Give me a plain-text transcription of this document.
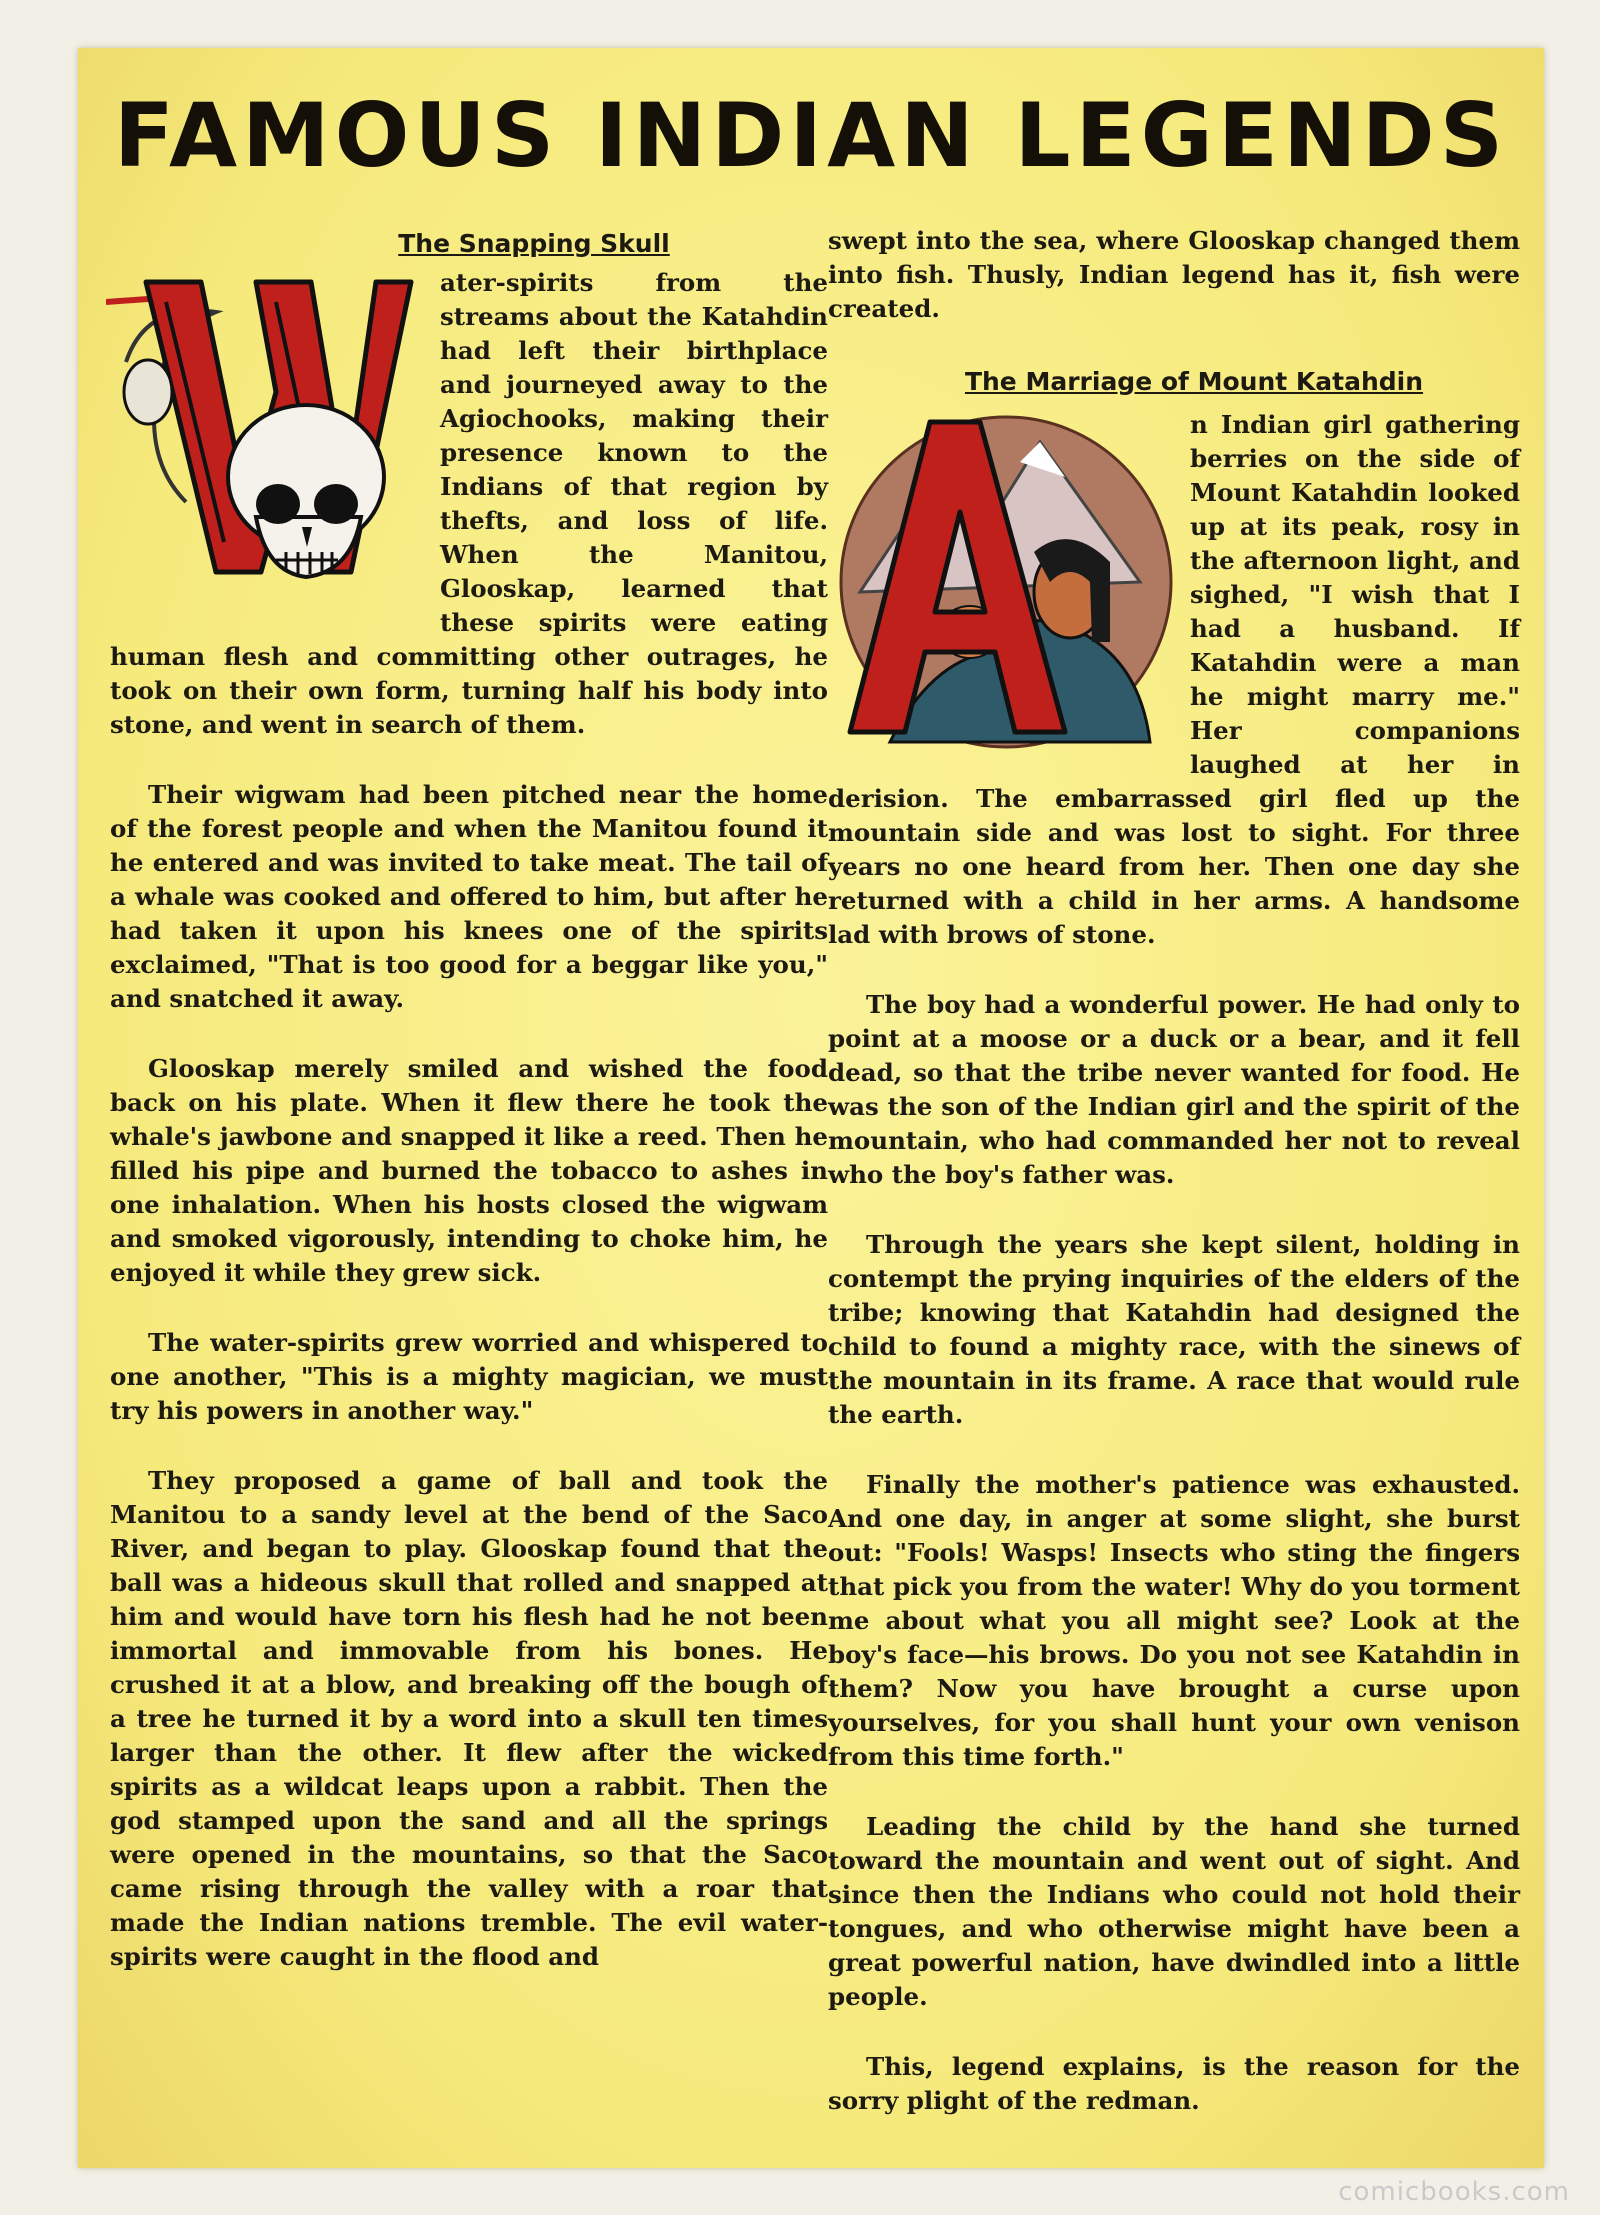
FAMOUS INDIAN LEGENDS
The Snapping Skull

ater-spirits from the streams about the Katahdin had left their birthplace and journeyed away to the Agiochooks, making their presence known to the Indians of that region by thefts, and loss of life. When the Manitou, Glooskap, learned that these spirits were eating human flesh and committing other outrages, he took on their own form, turning half his body into stone, and went in search of them.

Their wigwam had been pitched near the home of the forest people and when the Manitou found it he entered and was invited to take meat. The tail of a whale was cooked and offered to him, but after he had taken it upon his knees one of the spirits exclaimed, "That is too good for a beggar like you," and snatched it away.

Glooskap merely smiled and wished the food back on his plate. When it flew there he took the whale's jawbone and snapped it like a reed. Then he filled his pipe and burned the tobacco to ashes in one inhalation. When his hosts closed the wigwam and smoked vigorously, intending to choke him, he enjoyed it while they grew sick.

The water-spirits grew worried and whispered to one another, "This is a mighty magician, we must try his powers in another way."

They proposed a game of ball and took the Manitou to a sandy level at the bend of the Saco River, and began to play. Glooskap found that the ball was a hideous skull that rolled and snapped at him and would have torn his flesh had he not been immortal and immovable from his bones. He crushed it at a blow, and breaking off the bough of a tree he turned it by a word into a skull ten times larger than the other. It flew after the wicked spirits as a wildcat leaps upon a rabbit. Then the god stamped upon the sand and all the springs were opened in the mountains, so that the Saco came rising through the valley with a roar that made the Indian nations tremble. The evil water-spirits were caught in the flood and

swept into the sea, where Glooskap changed them into fish. Thusly, Indian legend has it, fish were created.

The Marriage of Mount Katahdin

n Indian girl gathering berries on the side of Mount Katahdin looked up at its peak, rosy in the afternoon light, and sighed, "I wish that I had a husband. If Katahdin were a man he might marry me." Her companions laughed at her in derision. The embarrassed girl fled up the mountain side and was lost to sight. For three years no one heard from her. Then one day she returned with a child in her arms. A handsome lad with brows of stone.

The boy had a wonderful power. He had only to point at a moose or a duck or a bear, and it fell dead, so that the tribe never wanted for food. He was the son of the Indian girl and the spirit of the mountain, who had commanded her not to reveal who the boy's father was.

Through the years she kept silent, holding in contempt the prying inquiries of the elders of the tribe; knowing that Katahdin had designed the child to found a mighty race, with the sinews of the mountain in its frame. A race that would rule the earth.

Finally the mother's patience was exhausted. And one day, in anger at some slight, she burst out: "Fools! Wasps! Insects who sting the fingers that pick you from the water! Why do you torment me about what you all might see? Look at the boy's face—his brows. Do you not see Katahdin in them? Now you have brought a curse upon yourselves, for you shall hunt your own venison from this time forth."

Leading the child by the hand she turned toward the mountain and went out of sight. And since then the Indians who could not hold their tongues, and who otherwise might have been a great powerful nation, have dwindled into a little people.

This, legend explains, is the reason for the sorry plight of the redman.

comicbooks.com
